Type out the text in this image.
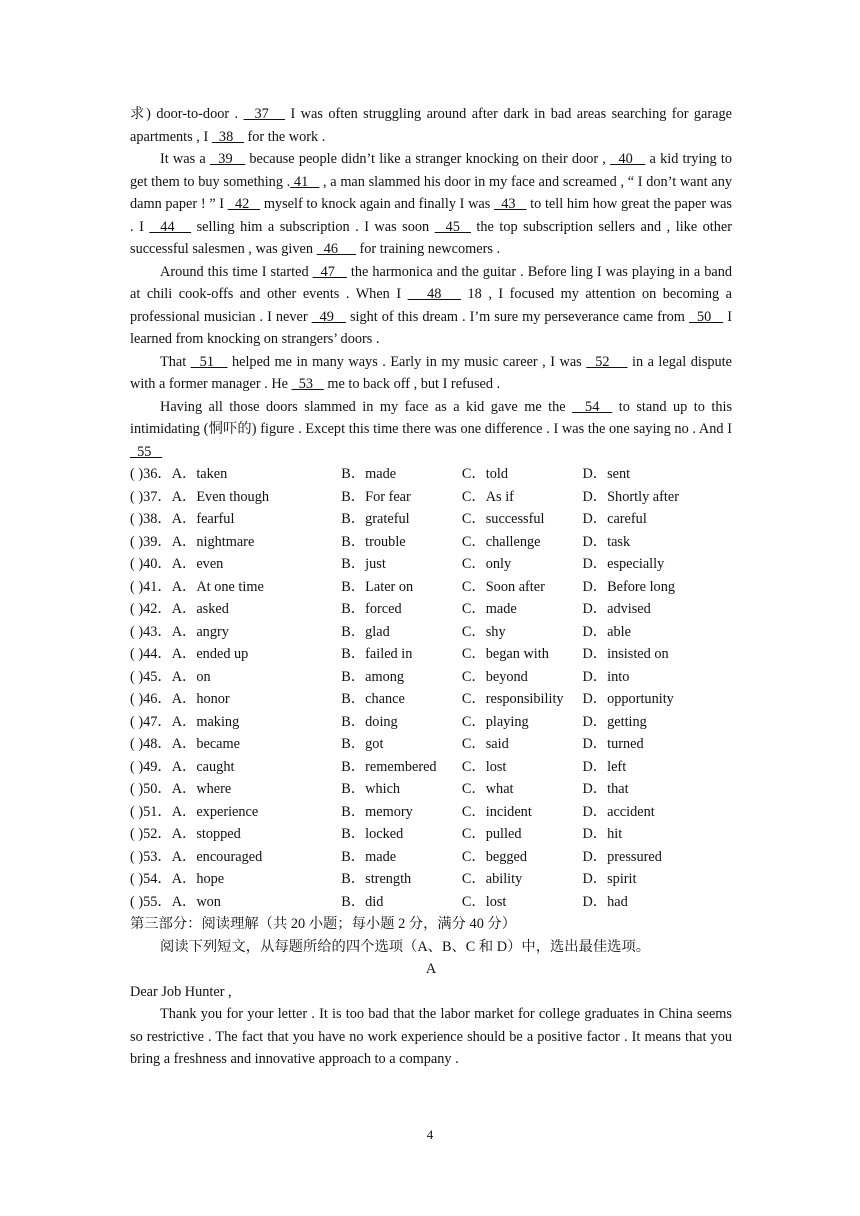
求) door-to-door .   37    I was often struggling around after dark in bad areas searching for garage apartments , I   38    for the work .

It was a   39    because people didn’t like a stranger knocking on their door ,   40    a kid trying to get them to buy something . 41    , a man slammed his door in my face and screamed , “ I don’t want any damn paper ! ” I   42    myself to knock again and finally I was   43    to tell him how great the paper was . I   44    selling him a subscription . I was soon   45   the top subscription sellers and , like other successful salesmen , was given   46      for training newcomers .

Around this time I started   47    the harmonica and the guitar . Before ling I was playing in a band at chili cook-offs and other events . When I    48    18 , I focused my attention on becoming a professional musician . I never   49    sight of this dream . I’m sure my perseverance came from   50    I learned from knocking on strangers’ doors .

That   51    helped me in many ways . Early in my music career , I was   52     in a legal dispute with a former manager . He   53    me to back off , but I refused .

Having all those doors slammed in my face as a kid gave me the   54   to stand up to this intimidating (恫吓的) figure . Except this time there was one difference . I was the one saying no . And I   55

( )36．A．taken	B．made	C．told	D．sent
( )37．A．Even though	B．For fear	C．As if	D．Shortly after
( )38．A．fearful	B．grateful	C．successful	D．careful
( )39．A．nightmare	B．trouble	C．challenge	D．task
( )40．A．even	B．just	C．only	D．especially
( )41．A．At one time	B．Later on	C．Soon after	D．Before long
( )42．A．asked	B．forced	C．made	D．advised
( )43．A．angry	B．glad	C．shy	D．able
( )44．A．ended up	B．failed in	C．began with	D．insisted on
( )45．A．on	B．among	C．beyond	D．into
( )46．A．honor	B．chance	C．responsibility	D．opportunity
( )47．A．making	B．doing	C．playing	D．getting
( )48．A．became	B．got	C．said	D．turned
( )49．A．caught	B．remembered	C．lost	D．left
( )50．A．where	B．which	C．what	D．that
( )51．A．experience	B．memory	C．incident	D．accident
( )52．A．stopped	B．locked	C．pulled	D．hit
( )53．A．encouraged	B．made	C．begged	D．pressured
( )54．A．hope	B．strength	C．ability	D．spirit
( )55．A．won	B．did	C．lost	D．had

第三部分：阅读理解（共 20 小题；每小题 2 分，满分 40 分）

阅读下列短文，从每题所给的四个选项（A、B、C 和 D）中，选出最佳选项。

A

Dear Job Hunter ,

Thank you for your letter . It is too bad that the labor market for college graduates in China seems so restrictive . The fact that you have no work experience should be a positive factor . It means that you bring a freshness and innovative approach to a company .

4
